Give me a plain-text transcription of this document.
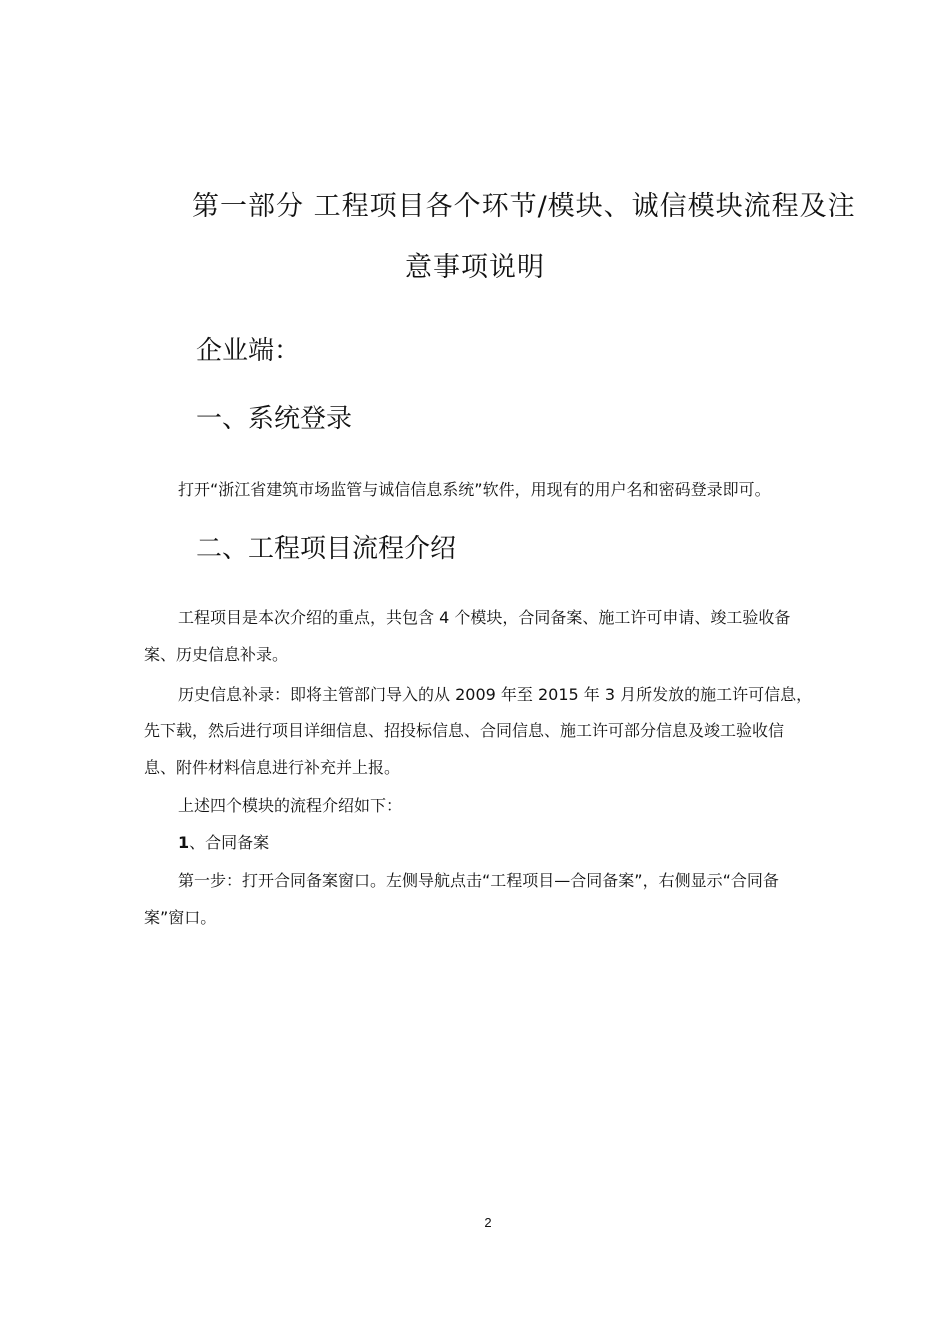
第一部分 工程项目各个环节/模块、诚信模块流程及注
意事项说明
企业端：
一、系统登录
打开“浙江省建筑市场监管与诚信信息系统”软件，用现有的用户名和密码登录即可。
二、工程项目流程介绍
工程项目是本次介绍的重点，共包含 4 个模块，合同备案、施工许可申请、竣工验收备
案、历史信息补录。
历史信息补录：即将主管部门导入的从 2009 年至 2015 年 3 月所发放的施工许可信息，
先下载，然后进行项目详细信息、招投标信息、合同信息、施工许可部分信息及竣工验收信
息、附件材料信息进行补充并上报。
上述四个模块的流程介绍如下：
1、合同备案
第一步：打开合同备案窗口。左侧导航点击“工程项目—合同备案”，右侧显示“合同备
案”窗口。
2
